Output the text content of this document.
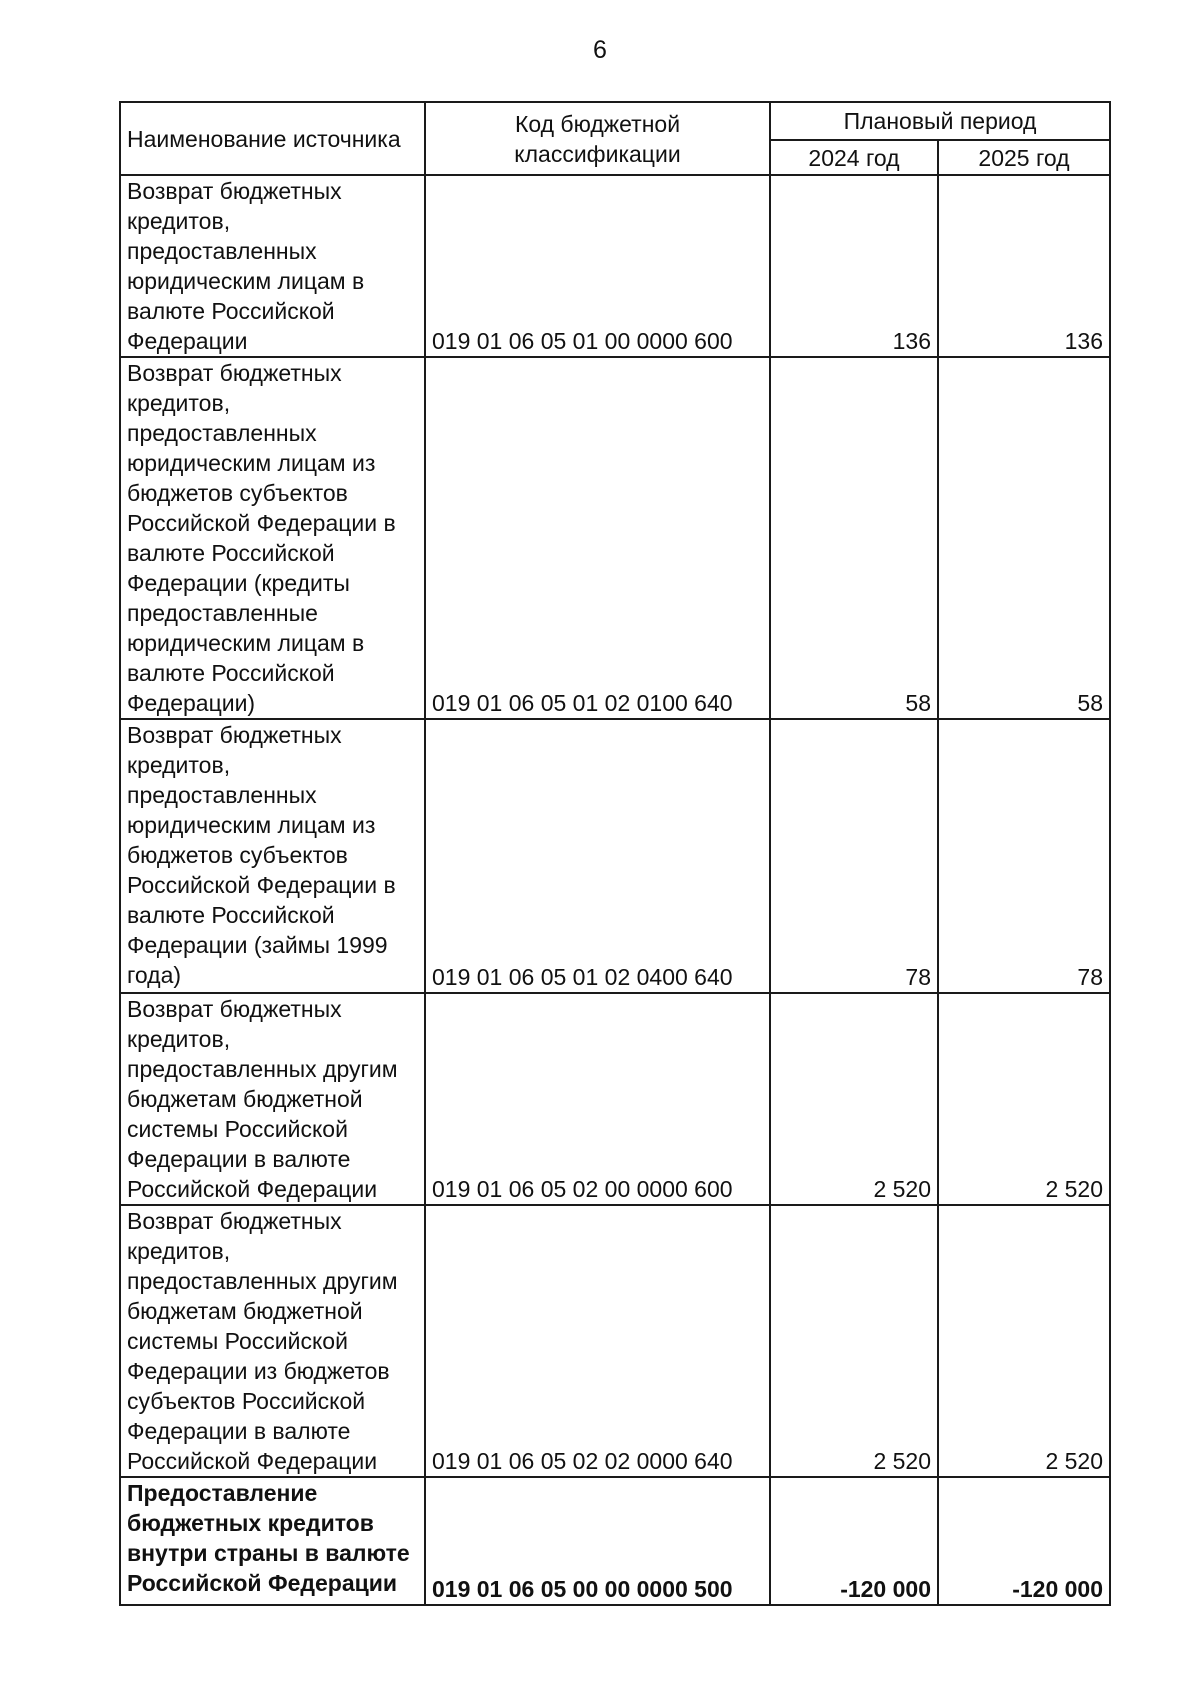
6
Наименование источника	Код бюджетной классификации	Плановый период	
		2024 год	2025 год
Возврат бюджетных кредитов, предоставленных юридическим лицам в валюте Российской Федерации	019 01 06 05 01 00 0000 600	136	136
Возврат бюджетных кредитов, предоставленных юридическим лицам из бюджетов субъектов Российской Федерации в валюте Российской Федерации (кредиты предоставленные юридическим лицам в валюте Российской Федерации)	019 01 06 05 01 02 0100 640	58	58
Возврат бюджетных кредитов, предоставленных юридическим лицам из бюджетов субъектов Российской Федерации в валюте Российской Федерации (займы 1999 года)	019 01 06 05 01 02 0400 640	78	78
Возврат бюджетных кредитов, предоставленных другим бюджетам бюджетной системы Российской Федерации в валюте Российской Федерации	019 01 06 05 02 00 0000 600	2 520	2 520
Возврат бюджетных кредитов, предоставленных другим бюджетам бюджетной системы Российской Федерации из бюджетов субъектов Российской Федерации в валюте Российской Федерации	019 01 06 05 02 02 0000 640	2 520	2 520
Предоставление бюджетных кредитов внутри страны в валюте Российской Федерации	019 01 06 05 00 00 0000 500	-120 000	-120 000
